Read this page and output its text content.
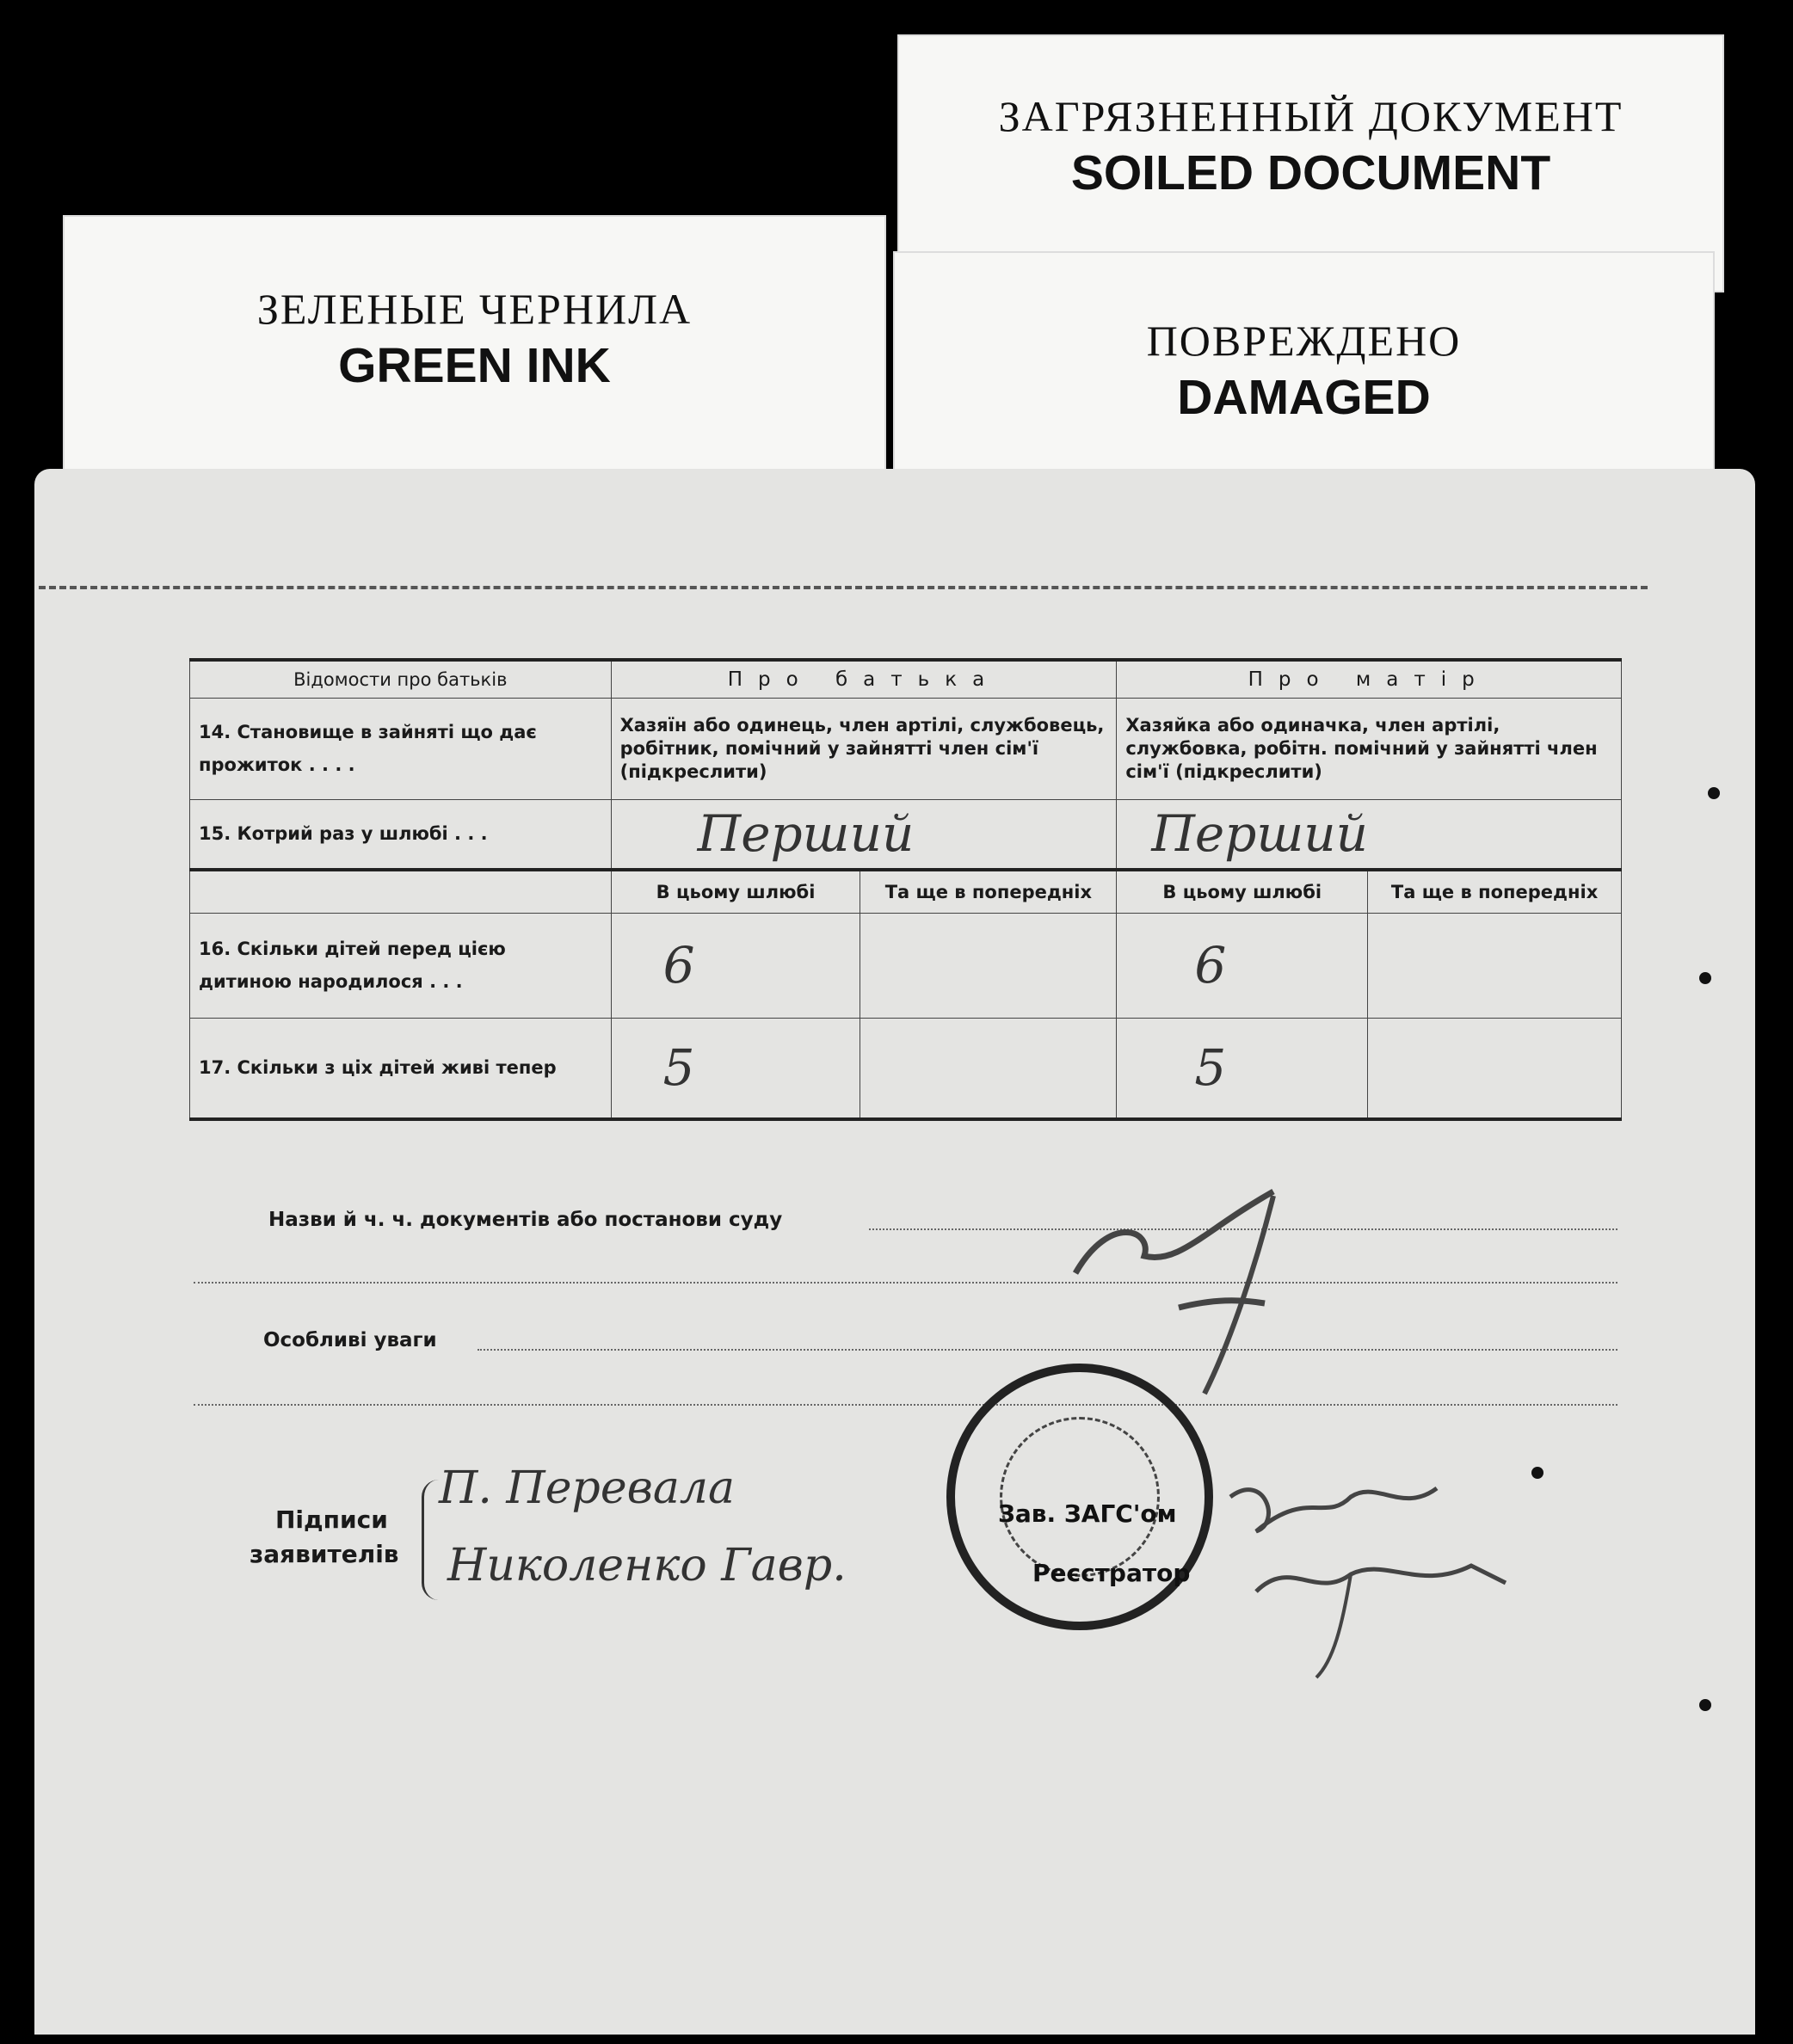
ЗЕЛЕНЫЕ ЧЕРНИЛА
GREEN INK
ЗАГРЯЗНЕННЫЙ ДОКУМЕНТ
SOILED DOCUMENT
ПОВРЕЖДЕНО
DAMAGED
Відомости про батьків	Про батька		Про матір	
14. Становище в зайняті що дає прожиток . . . .	Хазяїн або одинець, член артілі, службовець, робітник, помічний у зайнятті член сім'ї (підкреслити)		Хазяйка або одиначка, член артілі, службовка, робітн. помічний у зайнятті член сім'ї (підкреслити)	
15. Котрий раз у шлюбі . . .	Перший		Перший	
	В цьому шлюбі	Та ще в попередніх	В цьому шлюбі	Та ще в попередніх
16. Скільки дітей перед цією дитиною народилося . . .	6		6	
17. Скільки з ціх дітей живі тепер	5		5	
Назви й ч. ч. документів або постанови суду
Особливі уваги
Підписи
заявителів
П. Перевала
Николенко Гавр.
Зав. ЗАГС'ом
Реєстратор
